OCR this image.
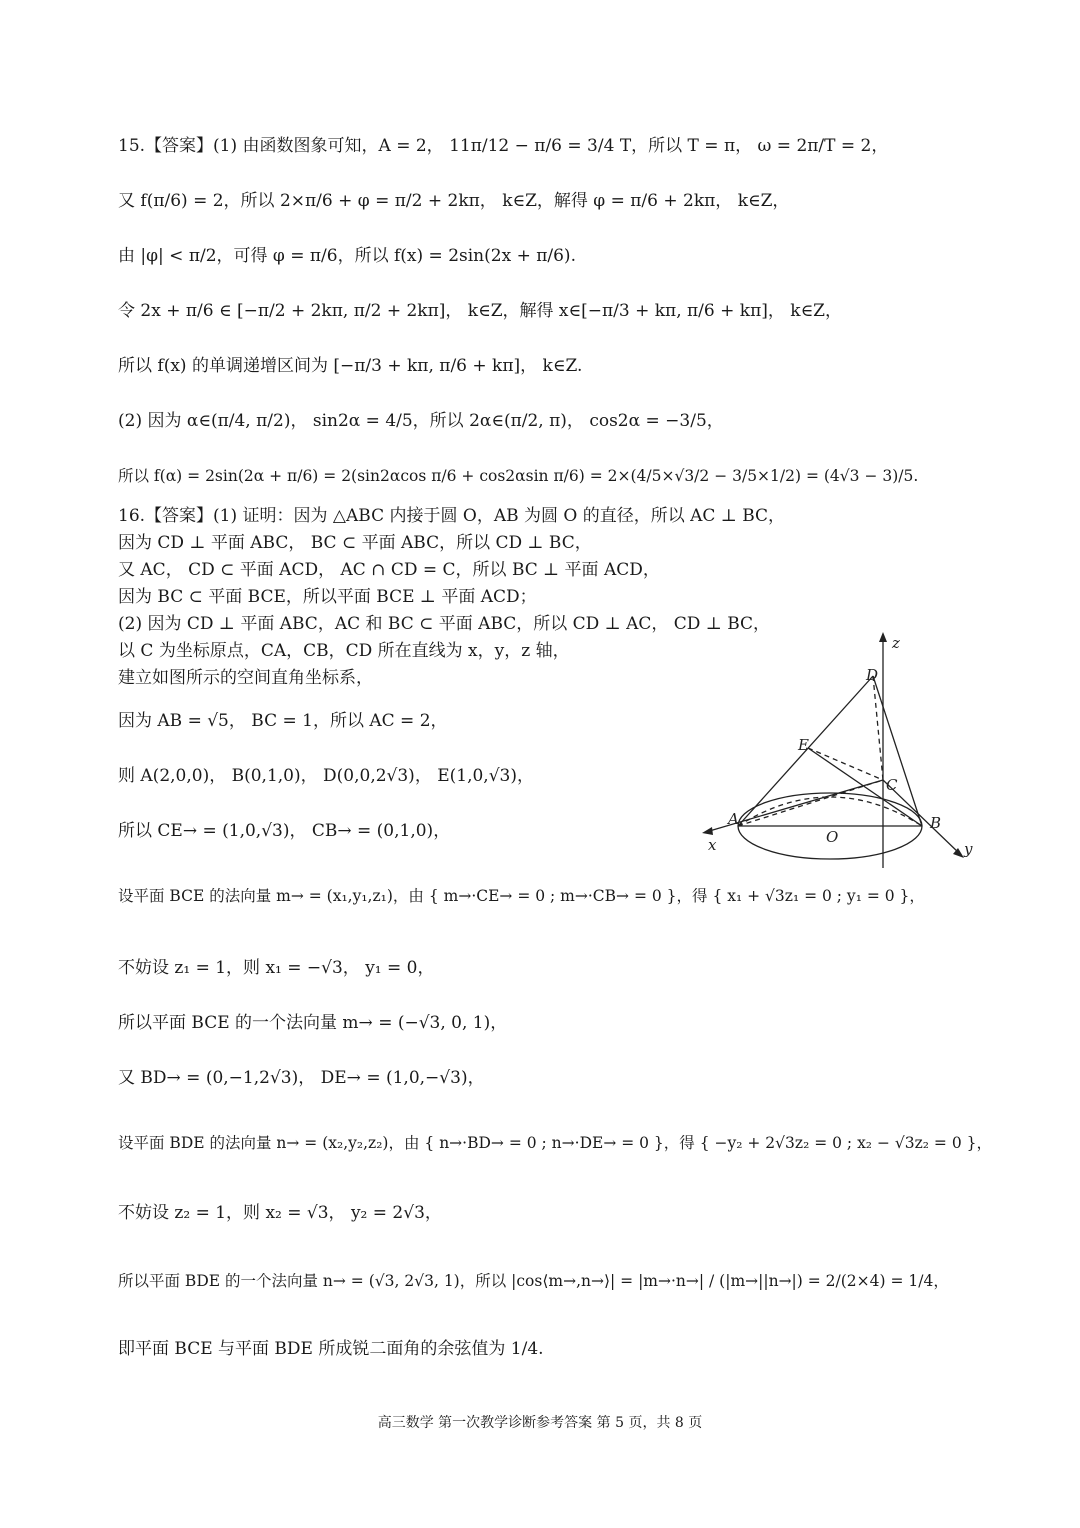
15.【答案】(1) 由函数图象可知，A = 2， 11π/12 − π/6 = 3/4 T，所以 T = π， ω = 2π/T = 2，
又 f(π/6) = 2，所以 2×π/6 + φ = π/2 + 2kπ， k∈Z，解得 φ = π/6 + 2kπ， k∈Z，
由 |φ| < π/2，可得 φ = π/6，所以 f(x) = 2sin(2x + π/6).
令 2x + π/6 ∈ [−π/2 + 2kπ, π/2 + 2kπ]， k∈Z，解得 x∈[−π/3 + kπ, π/6 + kπ]， k∈Z，
所以 f(x) 的单调递增区间为 [−π/3 + kπ, π/6 + kπ]， k∈Z.
(2) 因为 α∈(π/4, π/2)， sin2α = 4/5，所以 2α∈(π/2, π)， cos2α = −3/5，
所以 f(α) = 2sin(2α + π/6) = 2(sin2αcos π/6 + cos2αsin π/6) = 2×(4/5×√3/2 − 3/5×1/2) = (4√3 − 3)/5.
16.【答案】(1) 证明：因为 △ABC 内接于圆 O，AB 为圆 O 的直径，所以 AC ⊥ BC，
因为 CD ⊥ 平面 ABC， BC ⊂ 平面 ABC，所以 CD ⊥ BC，
又 AC， CD ⊂ 平面 ACD， AC ∩ CD = C，所以 BC ⊥ 平面 ACD，
因为 BC ⊂ 平面 BCE，所以平面 BCE ⊥ 平面 ACD；
(2) 因为 CD ⊥ 平面 ABC，AC 和 BC ⊂ 平面 ABC，所以 CD ⊥ AC， CD ⊥ BC，
以 C 为坐标原点，CA，CB，CD 所在直线为 x，y，z 轴，
建立如图所示的空间直角坐标系，
因为 AB = √5， BC = 1，所以 AC = 2，
则 A(2,0,0)， B(0,1,0)， D(0,0,2√3)， E(1,0,√3)，
所以 CE→ = (1,0,√3)， CB→ = (0,1,0)，
设平面 BCE 的法向量 m→ = (x₁,y₁,z₁)，由 { m→·CE→ = 0 ; m→·CB→ = 0 }，得 { x₁ + √3z₁ = 0 ; y₁ = 0 }，
不妨设 z₁ = 1，则 x₁ = −√3， y₁ = 0，
所以平面 BCE 的一个法向量 m→ = (−√3, 0, 1)，
又 BD→ = (0,−1,2√3)， DE→ = (1,0,−√3)，
设平面 BDE 的法向量 n→ = (x₂,y₂,z₂)，由 { n→·BD→ = 0 ; n→·DE→ = 0 }，得 { −y₂ + 2√3z₂ = 0 ; x₂ − √3z₂ = 0 }，
不妨设 z₂ = 1，则 x₂ = √3， y₂ = 2√3，
所以平面 BDE 的一个法向量 n→ = (√3, 2√3, 1)，所以 |cos⟨m→,n→⟩| = |m→·n→| / (|m→||n→|) = 2/(2×4) = 1/4，
即平面 BCE 与平面 BDE 所成锐二面角的余弦值为 1/4.
z
D
E
C
A
O
B
x	y
高三数学 第一次教学诊断参考答案 第 5 页，共 8 页
